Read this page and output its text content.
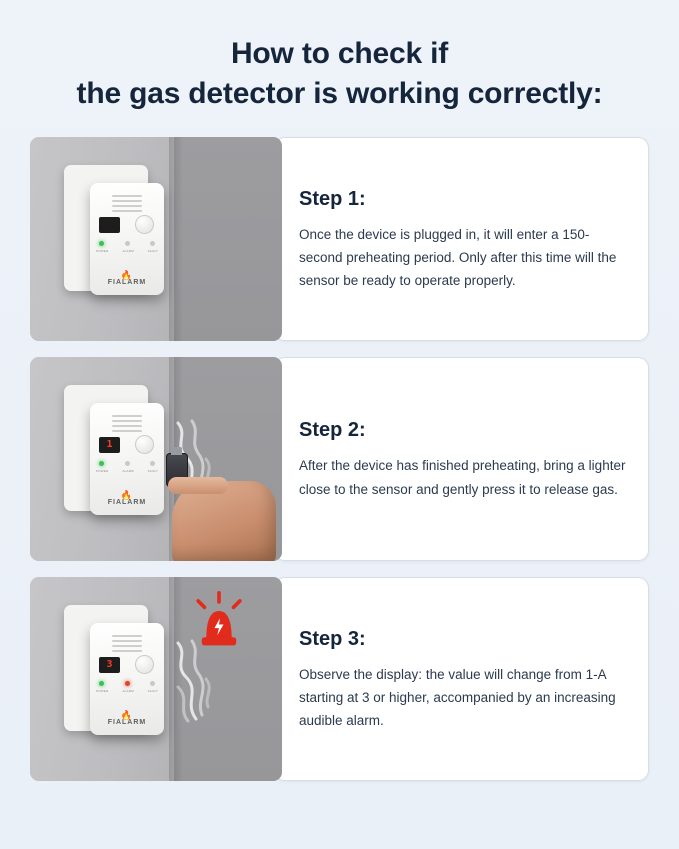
How to check if
the gas detector is working correctly:
POWER	ALARM	FAULT
🔥
FIALARM
Step 1:

Once the device is plugged in, it will enter a 150-second preheating period. Only after this time will the sensor be ready to operate properly.

1
POWER	ALARM	FAULT
🔥
FIALARM
Step 2:

After the device has finished preheating, bring a lighter close to the sensor and gently press it to release gas.

3
POWER	ALARM	FAULT
🔥
FIALARM
Step 3:

Observe the display: the value will change from 1-A starting at 3 or higher, accompanied by an increasing audible alarm.
